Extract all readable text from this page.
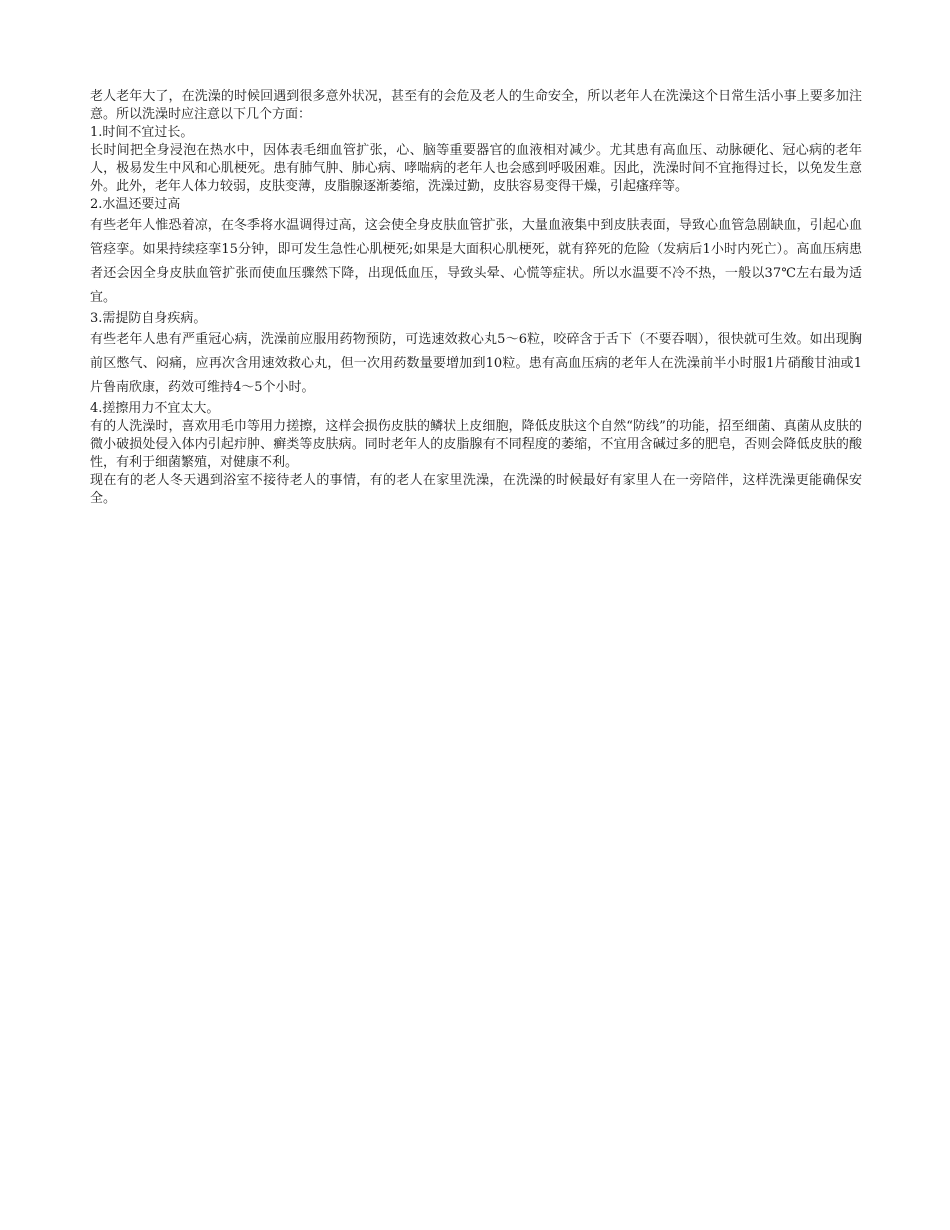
老人老年大了，在洗澡的时候回遇到很多意外状况，甚至有的会危及老人的生命安全，所以老年人在洗澡这个日常生活小事上要多加注意。所以洗澡时应注意以下几个方面：

1.时间不宜过长。

长时间把全身浸泡在热水中，因体表毛细血管扩张，心、脑等重要器官的血液相对减少。尤其患有高血压、动脉硬化、冠心病的老年人，极易发生中风和心肌梗死。患有肺气肿、肺心病、哮喘病的老年人也会感到呼吸困难。因此，洗澡时间不宜拖得过长，以免发生意外。此外，老年人体力较弱，皮肤变薄，皮脂腺逐渐萎缩，洗澡过勤，皮肤容易变得干燥，引起瘙痒等。

2.水温还要过高

有些老年人惟恐着凉，在冬季将水温调得过高，这会使全身皮肤血管扩张，大量血液集中到皮肤表面，导致心血管急剧缺血，引起心血管痉挛。如果持续痉挛15分钟，即可发生急性心肌梗死;如果是大面积心肌梗死，就有猝死的危险（发病后1小时内死亡）。高血压病患者还会因全身皮肤血管扩张而使血压骤然下降，出现低血压，导致头晕、心慌等症状。所以水温要不冷不热，一般以37℃左右最为适宜。

3.需提防自身疾病。

有些老年人患有严重冠心病，洗澡前应服用药物预防，可选速效救心丸5～6粒，咬碎含于舌下（不要吞咽），很快就可生效。如出现胸前区憋气、闷痛，应再次含用速效救心丸，但一次用药数量要增加到10粒。患有高血压病的老年人在洗澡前半小时服1片硝酸甘油或1片鲁南欣康，药效可维持4～5个小时。

4.搓擦用力不宜太大。

有的人洗澡时，喜欢用毛巾等用力搓擦，这样会损伤皮肤的鳞状上皮细胞，降低皮肤这个自然“防线”的功能，招至细菌、真菌从皮肤的微小破损处侵入体内引起疖肿、癣类等皮肤病。同时老年人的皮脂腺有不同程度的萎缩，不宜用含碱过多的肥皂，否则会降低皮肤的酸性，有利于细菌繁殖，对健康不利。

现在有的老人冬天遇到浴室不接待老人的事情，有的老人在家里洗澡，在洗澡的时候最好有家里人在一旁陪伴，这样洗澡更能确保安全。
